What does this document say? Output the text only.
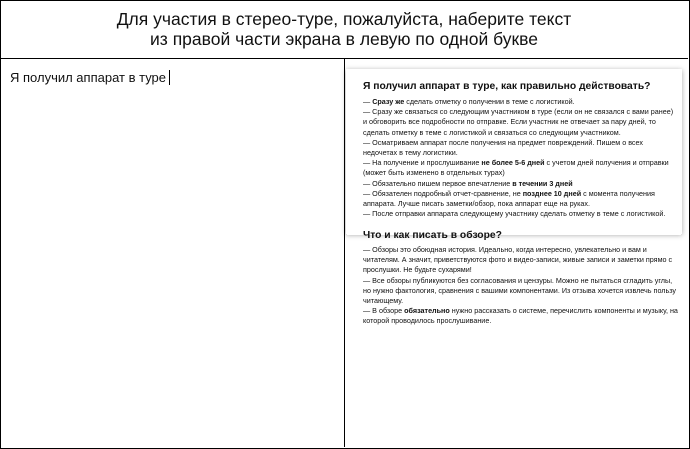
Для участия в стерео-туре, пожалуйста, наберите текст
из правой части экрана в левую по одной букве
Я получил аппарат в туре
Я получил аппарат в туре, как правильно действовать?

— Сразу же сделать отметку о получении в теме с логистикой.

— Сразу же связаться со следующим участником в туре (если он не связался с вами ранее) и обговорить все подробности по отправке. Если участник не отвечает за пару дней, то сделать отметку в теме с логистикой и связаться со следующим участником.

— Осматриваем аппарат после получения на предмет повреждений. Пишем о всех недочетах в тему логистики.

— На получение и прослушивание не более 5-6 дней с учетом дней получения и отправки (может быть изменено в отдельных турах)

— Обязательно пишем первое впечатление в течении 3 дней

— Обязателен подробный отчет-сравнение, не позднее 10 дней с момента получения аппарата. Лучше писать заметки/обзор, пока аппарат еще на руках.

— После отправки аппарата следующему участнику сделать отметку в теме с логистикой.

Что и как писать в обзоре?

— Обзоры это обоюдная история. Идеально, когда интересно, увлекательно и вам и читателям. А значит, приветствуются фото и видео-записи, живые записи и заметки прямо с прослушки. Не будьте сухарями!

— Все обзоры публикуются без согласования и цензуры. Можно не пытаться сгладить углы, но нужно фактология, сравнения с вашими компонентами. Из отзыва хочется извлечь пользу читающему.

— В обзоре обязательно нужно рассказать о системе, перечислить компоненты и музыку, на которой проводилось прослушивание.
